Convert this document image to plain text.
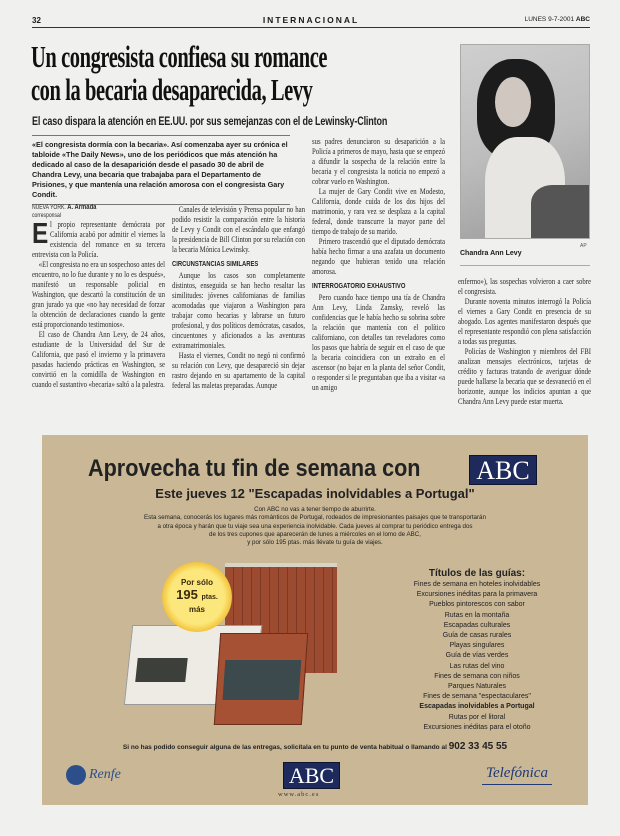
32	INTERNACIONAL	LUNES 9-7-2001 ABC
Un congresista confiesa su romance
con la becaria desaparecida, Levy
El caso dispara la atención en EE.UU. por sus semejanzas con el de Lewinsky-Clinton
«El congresista dormía con la becaria». Así comenzaba ayer su crónica el tabloide «The Daily News», uno de los periódicos que más atención ha dedicado al caso de la desaparición desde el pasado 30 de abril de Chandra Levy, una becaria que trabajaba para el Departamento de Prisiones, y que mantenía una relación amorosa con el congresista Gary Condit.
AP
Chandra Ann Levy
NUEVA YORK. A. Armada
corresponsal

El propio representante demócrata por California acabó por admitir el viernes la existencia del romance en su tercera entrevista con la Policía.

«El congresista no era un sospechoso antes del encuentro, no lo fue durante y no lo es después», manifestó un responsable policial en Washington, que descartó la constitución de un gran jurado ya que «no hay necesidad de forzar la obtención de declaraciones cuando la gente está proporcionando testimonios».

El caso de Chandra Ann Levy, de 24 años, estudiante de la Universidad del Sur de California, que pasó el invierno y la primavera pasadas haciendo prácticas en Washington, se convirtió en la comidilla de Washington en cuando el sustantivo «becaria» saltó a la palestra.

Canales de televisión y Prensa popular no han podido resistir la comparación entre la historia de Levy y Condit con el escándalo que enfangó la presidencia de Bill Clinton por su relación con la becaria Mónica Lewinsky.

CIRCUNSTANCIAS SIMILARES

Aunque los casos son completamente distintos, enseguida se han hecho resaltar las similitudes: jóvenes californianas de familias acomodadas que viajaron a Washington para trabajar como becarias y labrarse un futuro profesional, y dos políticos demócratas, casados, cincuentones y aficionados a las aventuras extramatrimoniales.

Hasta el viernes, Condit no negó ni confirmó su relación con Levy, que desapareció sin dejar rastro dejando en su apartamento de la capital federal las maletas preparadas. Aunque

sus padres denunciaron su desaparición a la Policía a primeros de mayo, hasta que se empezó a difundir la sospecha de la relación entre la becaria y el congresista la noticia no empezó a cobrar vuelo en Washington.

La mujer de Gary Condit vive en Modesto, California, donde cuida de los dos hijos del matrimonio, y rara vez se desplaza a la capital federal, donde transcurre la mayor parte del tiempo de trabajo de su marido.

Primero trascendió que el diputado demócrata había hecho firmar a una azafata un documento negando que hubieran tenido una relación amorosa.

INTERROGATORIO EXHAUSTIVO

Pero cuando hace tiempo una tía de Chandra Ann Levy, Linda Zamsky, reveló las confidencias que le había hecho su sobrina sobre la relación que mantenía con el político californiano, con detalles tan reveladores como los pasos que habría de seguir en el caso de que la becaria coincidiera con un extraño en el ascensor (no bajar en la planta del señor Condit, o responder si le preguntaban que iba a visitar «a un amigo

enfermo»), las sospechas volvieron a caer sobre el congresista.

Durante noventa minutos interrogó la Policía el viernes a Gary Condit en presencia de su abogado. Los agentes manifestaron después que el representante respondió con plena satisfacción a todas sus preguntas.

Policías de Washington y miembros del FBI analizan mensajes electrónicos, tarjetas de crédito y facturas tratando de averiguar dónde puede hallarse la becaria que se desvaneció en el horizonte, aunque los indicios apuntan a que Chandra Ann Levy puede estar muerta.

Aprovecha tu fin de semana con ABC
Este jueves 12 "Escapadas inolvidables a Portugal"
Con ABC no vas a tener tiempo de aburrirte.
Esta semana, conocerás los lugares más románticos de Portugal, rodeados de impresionantes paisajes que te transportarán
a otra época y harán que tu viaje sea una experiencia inolvidable. Cada jueves al comprar tu periódico entrega dos
de los tres cupones que aparecerán de lunes a miércoles en el lomo de ABC,
y por sólo 195 ptas. más llévate tu guía de viajes.
Por sólo
195 ptas.
más
Títulos de las guías:
Fines de semana en hoteles inolvidables
Excursiones inéditas para la primavera
Pueblos pintorescos con sabor
Rutas en la montaña
Escapadas culturales
Guía de casas rurales
Playas singulares
Guía de vías verdes
Las rutas del vino
Fines de semana con niños
Parques Naturales
Fines de semana "espectaculares"
Escapadas inolvidables a Portugal
Rutas por el litoral
Excursiones inéditas para el otoño
Si no has podido conseguir alguna de las entregas, solicítala en tu punto de venta habitual o llamando al 902 33 45 55
Renfe	ABC
www.abc.es
Telefónica
